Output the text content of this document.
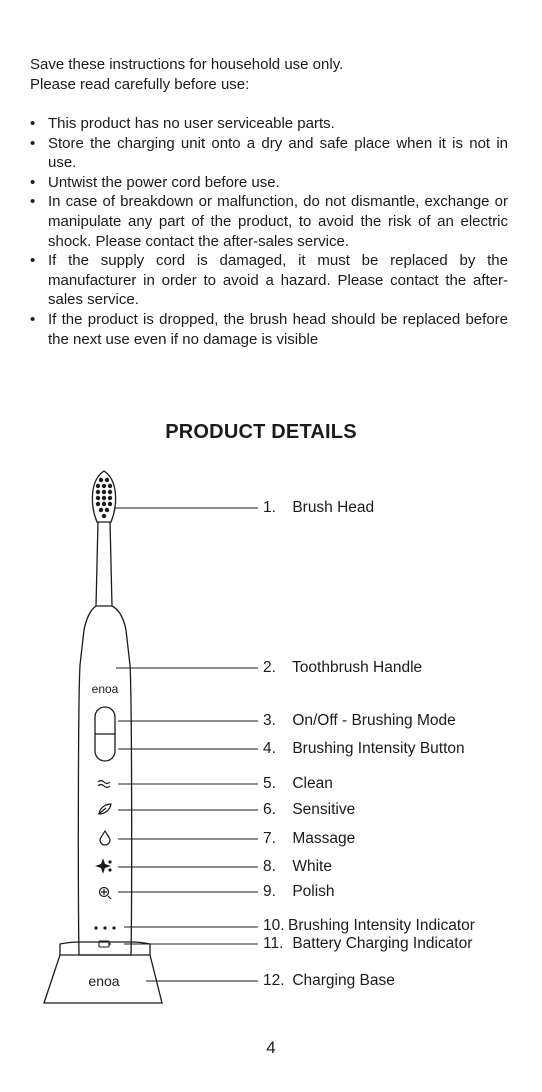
Save these instructions for household use only.

Please read carefully before use:

• This product has no user serviceable parts.
• Store the charging unit onto a dry and safe place when it is not in use.
• Untwist the power cord before use.
• In case of breakdown or malfunction, do not dismantle, exchange or manipulate any part of the product, to avoid the risk of an electric shock. Please contact the after-sales service.
• If the supply cord is damaged, it must be replaced by the manufacturer in order to avoid a hazard. Please contact the after-sales service.
• If the product is dropped, the brush head should be replaced before the next use even if no damage is visible
PRODUCT DETAILS
enoa
enoa
1. Brush Head
2. Toothbrush Handle
3. On/Off - Brushing Mode
4. Brushing Intensity Button
5. Clean
6. Sensitive
7. Massage
8. White
9. Polish
10. Brushing Intensity Indicator
11. Battery Charging Indicator
12. Charging Base
4
